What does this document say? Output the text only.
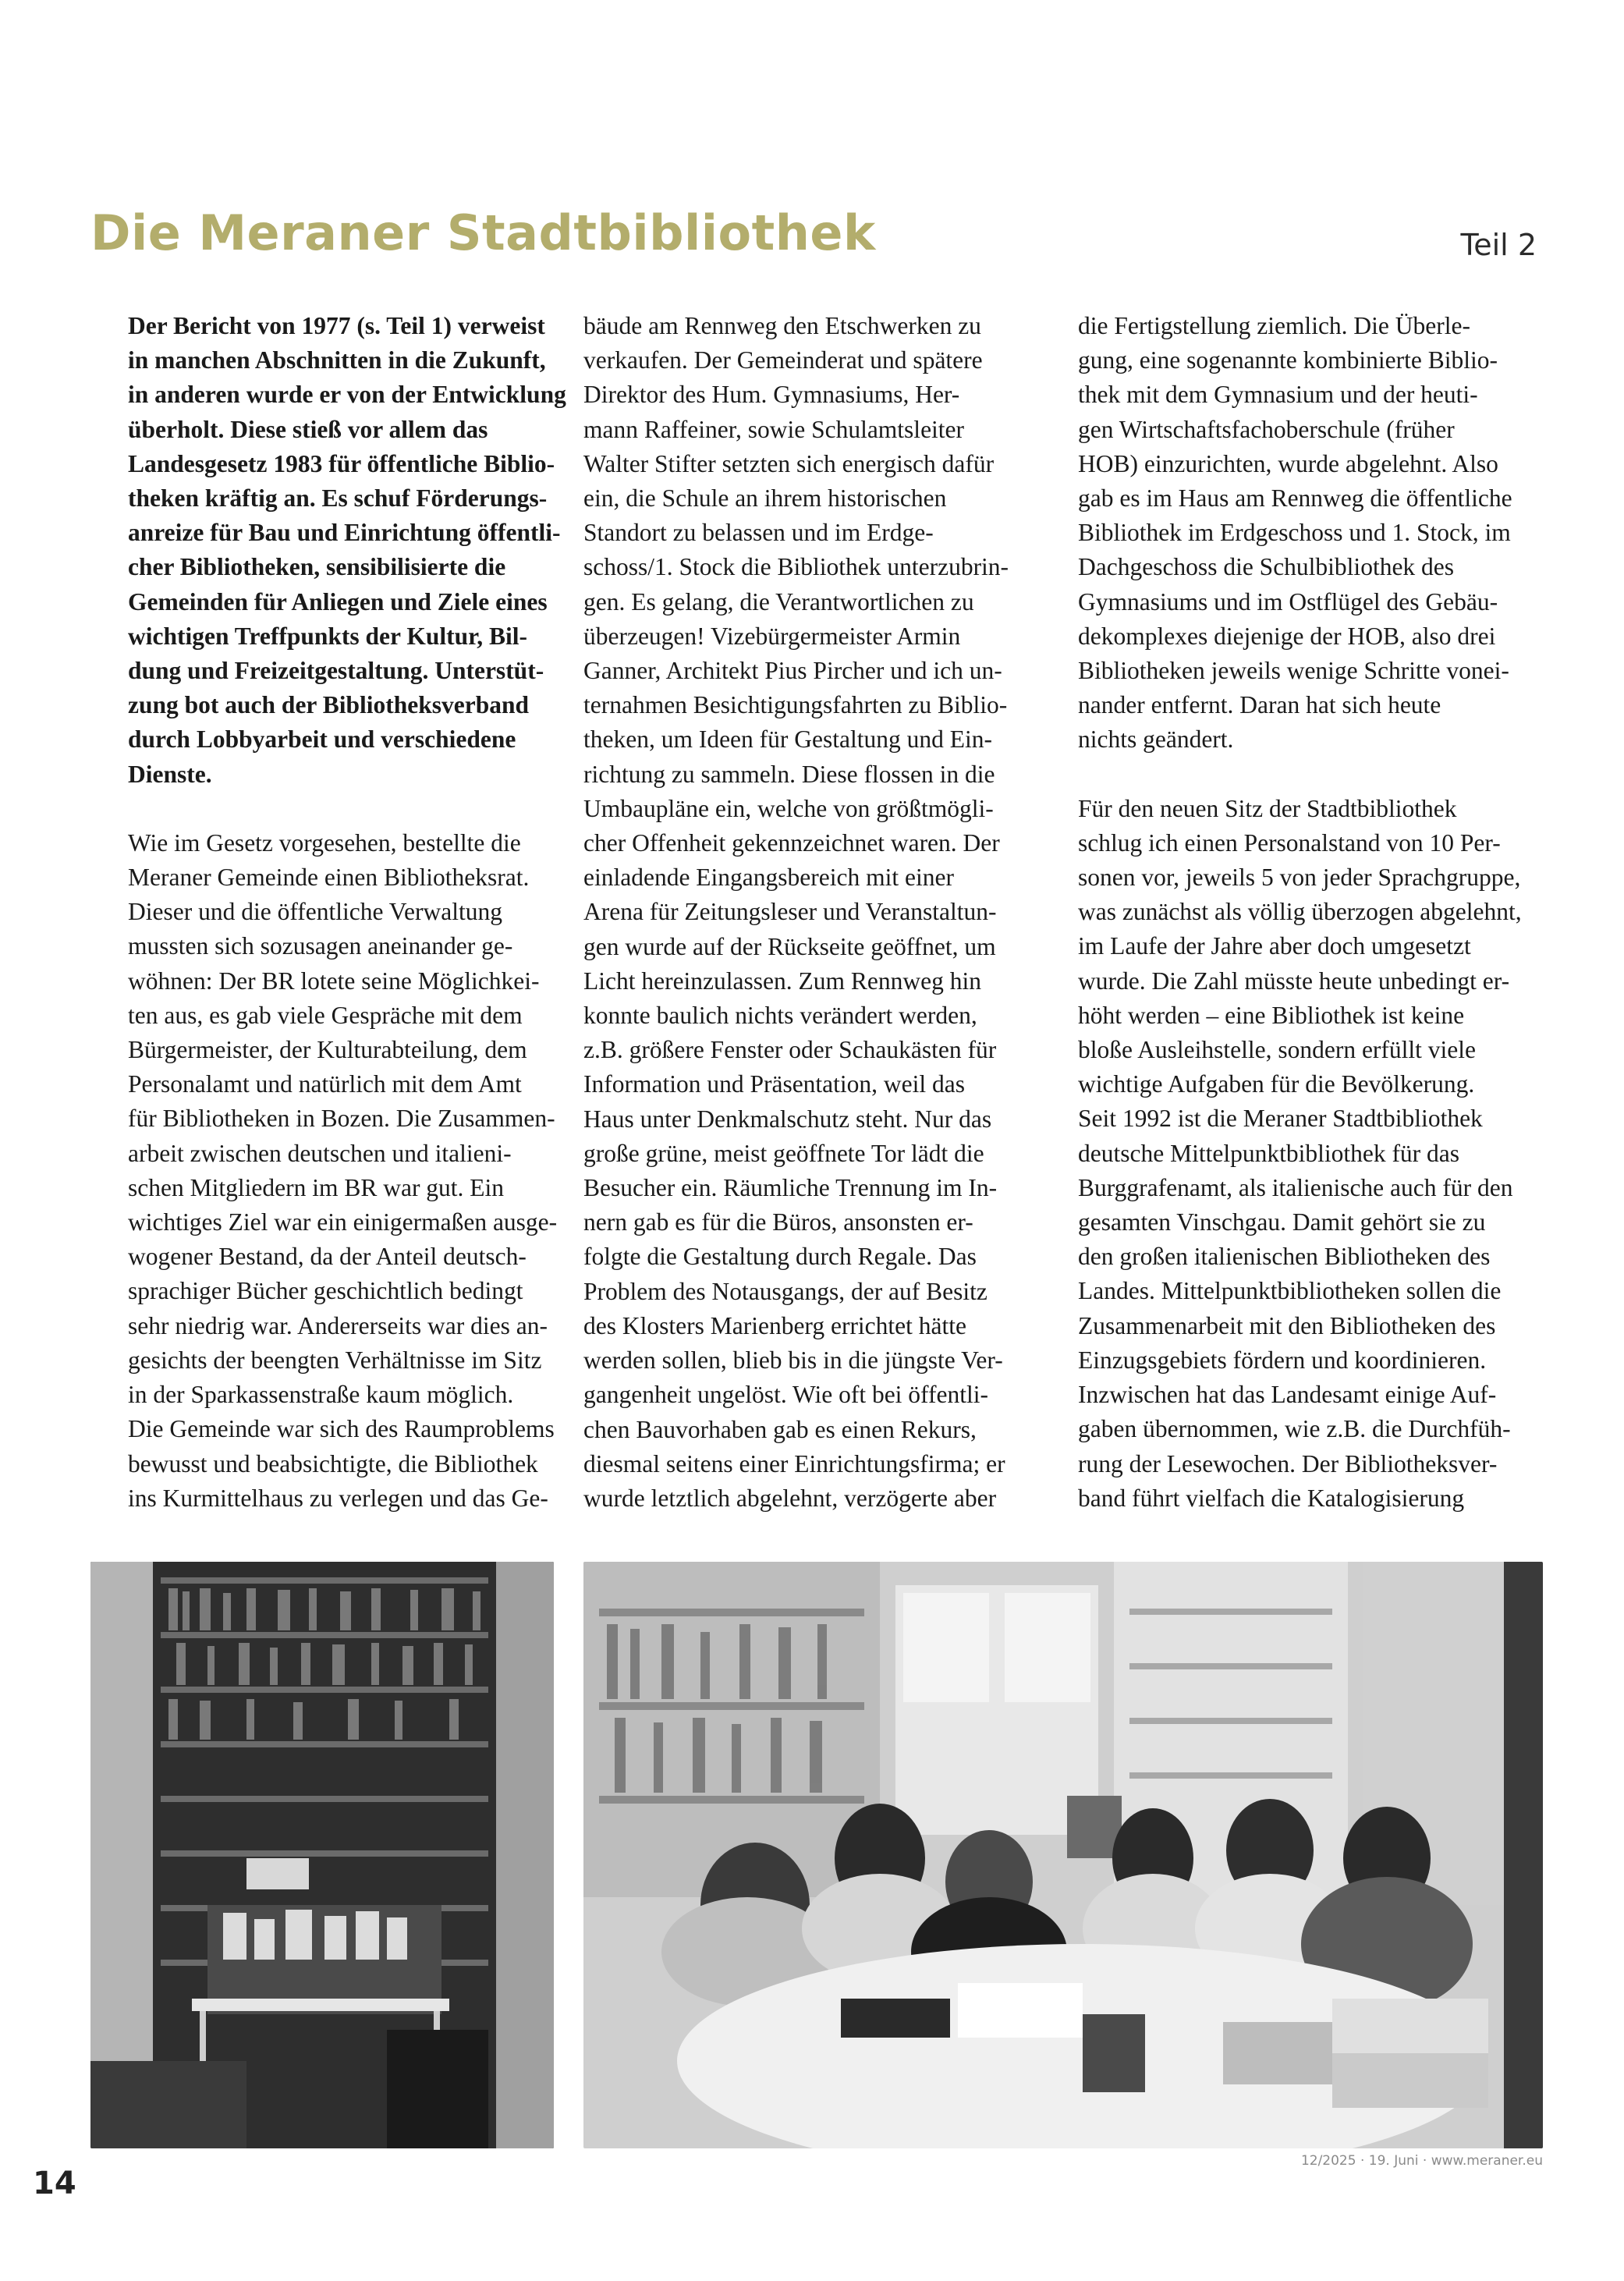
Die Meraner Stadtbibliothek	Teil 2
Der Bericht von 1977 (s. Teil 1) verweist
in manchen Abschnitten in die Zukunft,
in anderen wurde er von der Entwicklung
überholt. Diese stieß vor allem das
Landesgesetz 1983 für öffentliche Biblio-
theken kräftig an. Es schuf Förderungs-
anreize für Bau und Einrichtung öffentli-
cher Bibliotheken, sensibilisierte die
Gemeinden für Anliegen und Ziele eines
wichtigen Treffpunkts der Kultur, Bil-
dung und Freizeitgestaltung. Unterstüt-
zung bot auch der Bibliotheksverband
durch Lobbyarbeit und verschiedene
Dienste.
Wie im Gesetz vorgesehen, bestellte die
Meraner Gemeinde einen Bibliotheksrat.
Dieser und die öffentliche Verwaltung
mussten sich sozusagen aneinander ge-
wöhnen: Der BR lotete seine Möglichkei-
ten aus, es gab viele Gespräche mit dem
Bürgermeister, der Kulturabteilung, dem
Personalamt und natürlich mit dem Amt
für Bibliotheken in Bozen. Die Zusammen-
arbeit zwischen deutschen und italieni-
schen Mitgliedern im BR war gut. Ein
wichtiges Ziel war ein einigermaßen ausge-
wogener Bestand, da der Anteil deutsch-
sprachiger Bücher geschichtlich bedingt
sehr niedrig war. Andererseits war dies an-
gesichts der beengten Verhältnisse im Sitz
in der Sparkassenstraße kaum möglich.
Die Gemeinde war sich des Raumproblems
bewusst und beabsichtigte, die Bibliothek
ins Kurmittelhaus zu verlegen und das Ge-
bäude am Rennweg den Etschwerken zu
verkaufen. Der Gemeinderat und spätere
Direktor des Hum. Gymnasiums, Her-
mann Raffeiner, sowie Schulamtsleiter
Walter Stifter setzten sich energisch dafür
ein, die Schule an ihrem historischen
Standort zu belassen und im Erdge-
schoss/1. Stock die Bibliothek unterzubrin-
gen. Es gelang, die Verantwortlichen zu
überzeugen! Vizebürgermeister Armin
Ganner, Architekt Pius Pircher und ich un-
ternahmen Besichtigungsfahrten zu Biblio-
theken, um Ideen für Gestaltung und Ein-
richtung zu sammeln. Diese flossen in die
Umbaupläne ein, welche von größtmögli-
cher Offenheit gekennzeichnet waren. Der
einladende Eingangsbereich mit einer
Arena für Zeitungsleser und Veranstaltun-
gen wurde auf der Rückseite geöffnet, um
Licht hereinzulassen. Zum Rennweg hin
konnte baulich nichts verändert werden,
z.B. größere Fenster oder Schaukästen für
Information und Präsentation, weil das
Haus unter Denkmalschutz steht. Nur das
große grüne, meist geöffnete Tor lädt die
Besucher ein. Räumliche Trennung im In-
nern gab es für die Büros, ansonsten er-
folgte die Gestaltung durch Regale. Das
Problem des Notausgangs, der auf Besitz
des Klosters Marienberg errichtet hätte
werden sollen, blieb bis in die jüngste Ver-
gangenheit ungelöst. Wie oft bei öffentli-
chen Bauvorhaben gab es einen Rekurs,
diesmal seitens einer Einrichtungsfirma; er
wurde letztlich abgelehnt, verzögerte aber
die Fertigstellung ziemlich. Die Überle-
gung, eine sogenannte kombinierte Biblio-
thek mit dem Gymnasium und der heuti-
gen Wirtschaftsfachoberschule (früher
HOB) einzurichten, wurde abgelehnt. Also
gab es im Haus am Rennweg die öffentliche
Bibliothek im Erdgeschoss und 1. Stock, im
Dachgeschoss die Schulbibliothek des
Gymnasiums und im Ostflügel des Gebäu-
dekomplexes diejenige der HOB, also drei
Bibliotheken jeweils wenige Schritte vonei-
nander entfernt. Daran hat sich heute
nichts geändert.
Für den neuen Sitz der Stadtbibliothek
schlug ich einen Personalstand von 10 Per-
sonen vor, jeweils 5 von jeder Sprachgruppe,
was zunächst als völlig überzogen abgelehnt,
im Laufe der Jahre aber doch umgesetzt
wurde. Die Zahl müsste heute unbedingt er-
höht werden – eine Bibliothek ist keine
bloße Ausleihstelle, sondern erfüllt viele
wichtige Aufgaben für die Bevölkerung.
Seit 1992 ist die Meraner Stadtbibliothek
deutsche Mittelpunktbibliothek für das
Burggrafenamt, als italienische auch für den
gesamten Vinschgau. Damit gehört sie zu
den großen italienischen Bibliotheken des
Landes. Mittelpunktbibliotheken sollen die
Zusammenarbeit mit den Bibliotheken des
Einzugsgebiets fördern und koordinieren.
Inzwischen hat das Landesamt einige Auf-
gaben übernommen, wie z.B. die Durchfüh-
rung der Lesewochen. Der Bibliotheksver-
band führt vielfach die Katalogisierung
14
12/2025 · 19. Juni · www.meraner.eu
